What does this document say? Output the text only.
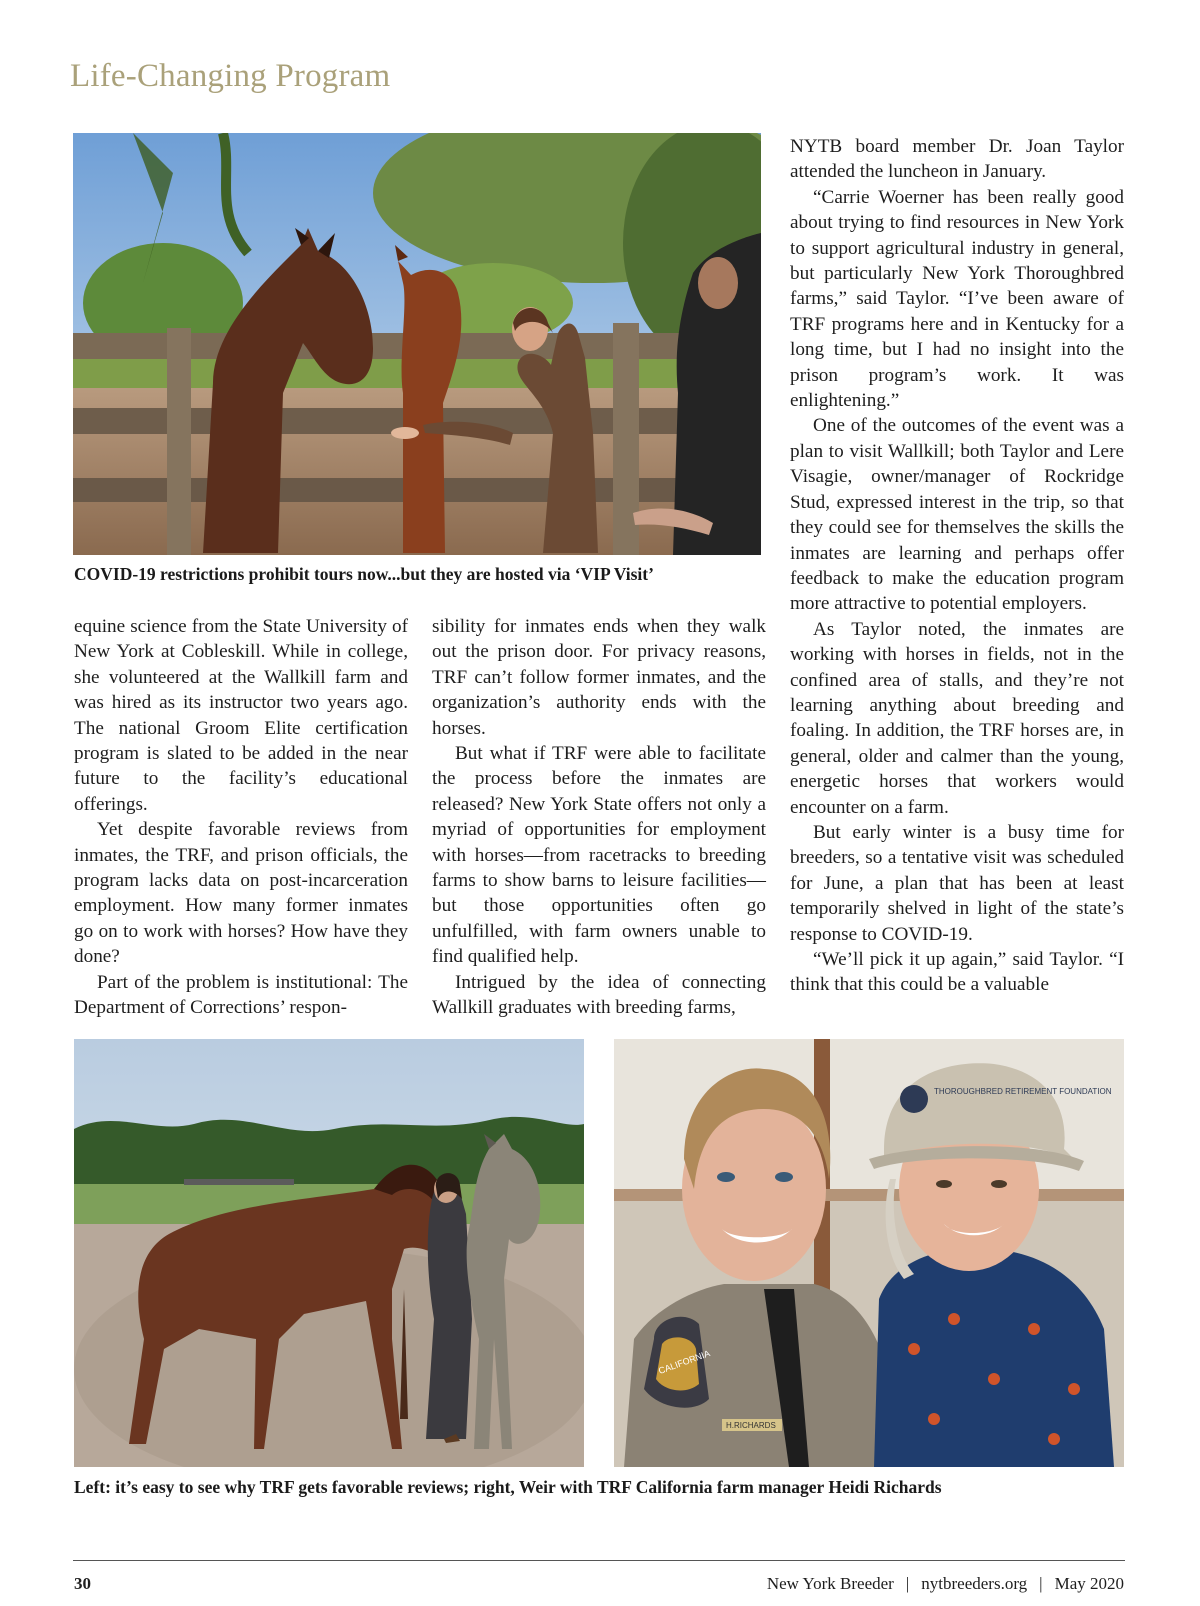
Life-Changing Program
COVID-19 restrictions prohibit tours now...but they are hosted via ‘VIP Visit’

equine science from the State University of New York at Cobleskill. While in college, she volunteered at the Wallkill farm and was hired as its instructor two years ago. The national Groom Elite certification program is slated to be added in the near future to the facility’s educational offerings.

Yet despite favorable reviews from inmates, the TRF, and prison officials, the program lacks data on post-incarceration employment. How many former inmates go on to work with horses? How have they done?

Part of the problem is institutional: The Department of Corrections’ respon-

sibility for inmates ends when they walk out the prison door. For privacy reasons, TRF can’t follow former inmates, and the organization’s authority ends with the horses.

But what if TRF were able to facilitate the process before the inmates are released? New York State offers not only a myriad of opportunities for employment with horses—from racetracks to breeding farms to show barns to leisure facilities—but those opportunities often go unfulfilled, with farm owners unable to find qualified help.

Intrigued by the idea of connecting Wallkill graduates with breeding farms,

NYTB board member Dr. Joan Taylor attended the luncheon in January.

“Carrie Woerner has been really good about trying to find resources in New York to support agricultural industry in general, but particularly New York Thoroughbred farms,” said Taylor. “I’ve been aware of TRF programs here and in Kentucky for a long time, but I had no insight into the prison program’s work. It was enlightening.”

One of the outcomes of the event was a plan to visit Wallkill; both Taylor and Lere Visagie, owner/manager of Rockridge Stud, expressed interest in the trip, so that they could see for themselves the skills the inmates are learning and perhaps offer feedback to make the education program more attractive to potential employers.

As Taylor noted, the inmates are working with horses in fields, not in the confined area of stalls, and they’re not learning anything about breeding and foaling. In addition, the TRF horses are, in general, older and calmer than the young, energetic horses that workers would encounter on a farm.

But early winter is a busy time for breeders, so a tentative visit was scheduled for June, a plan that has been at least temporarily shelved in light of the state’s response to COVID-19.

“We’ll pick it up again,” said Taylor. “I think that this could be a valuable

CALIFORNIA
H.RICHARDS
THOROUGHBRED RETIREMENT FOUNDATION
Left: it’s easy to see why TRF gets favorable reviews; right, Weir with TRF California farm manager Heidi Richards
30	New York Breeder | nytbreeders.org | May 2020
